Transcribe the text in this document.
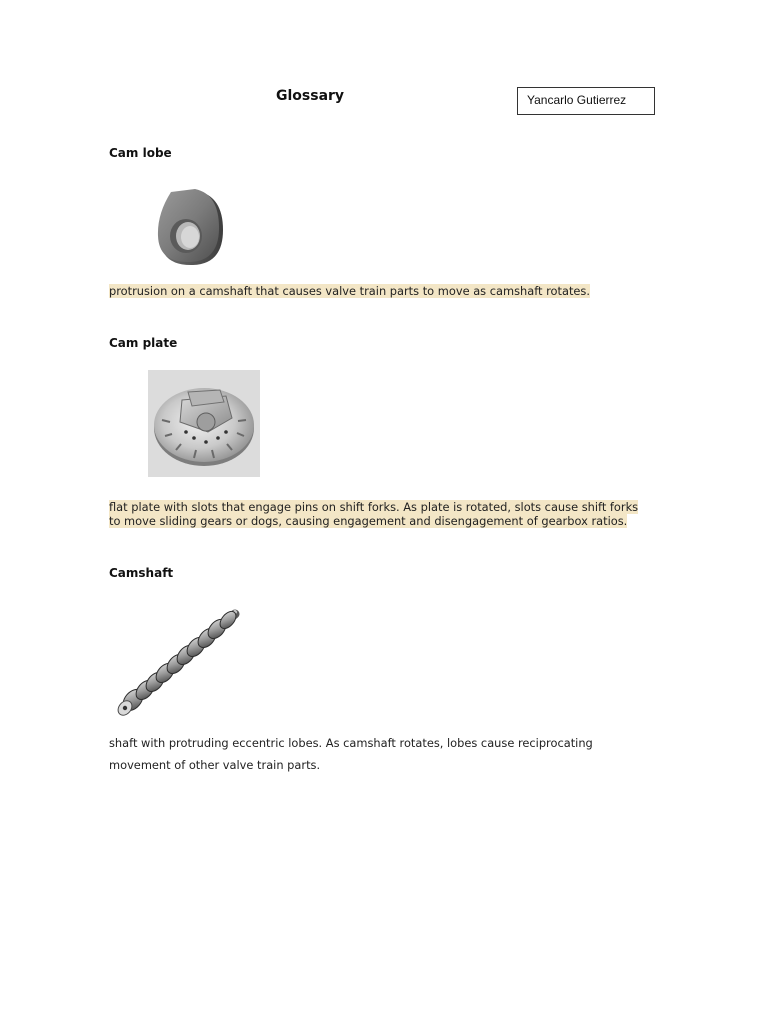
Glossary	Yancarlo Gutierrez
Cam lobe
protrusion on a camshaft that causes valve train parts to move as camshaft rotates.
Cam plate
flat plate with slots that engage pins on shift forks. As plate is rotated, slots cause shift forks
to move sliding gears or dogs, causing engagement and disengagement of gearbox ratios.
Camshaft
shaft with protruding eccentric lobes. As camshaft rotates, lobes cause reciprocating
movement of other valve train parts.
